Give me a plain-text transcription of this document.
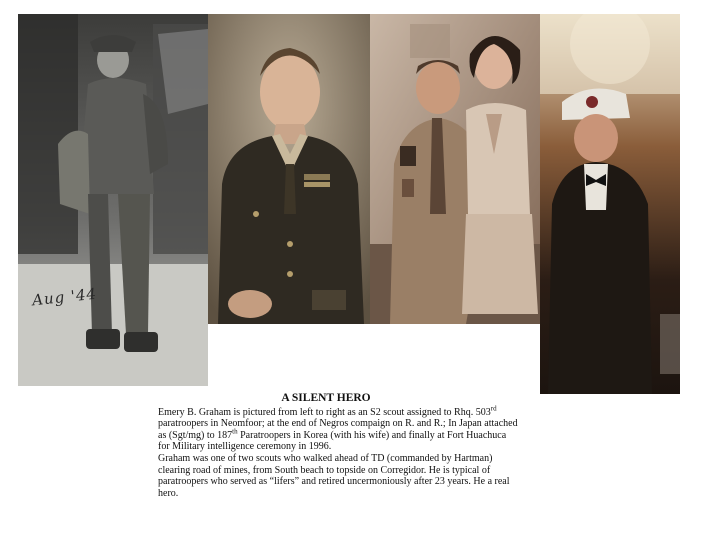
Aug '44
A SILENT HERO

Emery B. Graham is pictured from left to right as an S2 scout assigned to Rhq. 503rd

paratroopers in Neomfoor; at the end of Negros compaign on R. and R.; In Japan attached

as (Sgt/mg) to 187th Paratroopers in Korea (with his wife) and finally at Fort Huachuca

for Military intelligence ceremony in 1996.

Graham was one of two scouts who walked ahead of TD (commanded by Hartman)

clearing road of mines, from South beach to topside on Corregidor. He is typical of

paratroopers who served as “lifers” and retired uncermoniously after 23 years. He a real

hero.
